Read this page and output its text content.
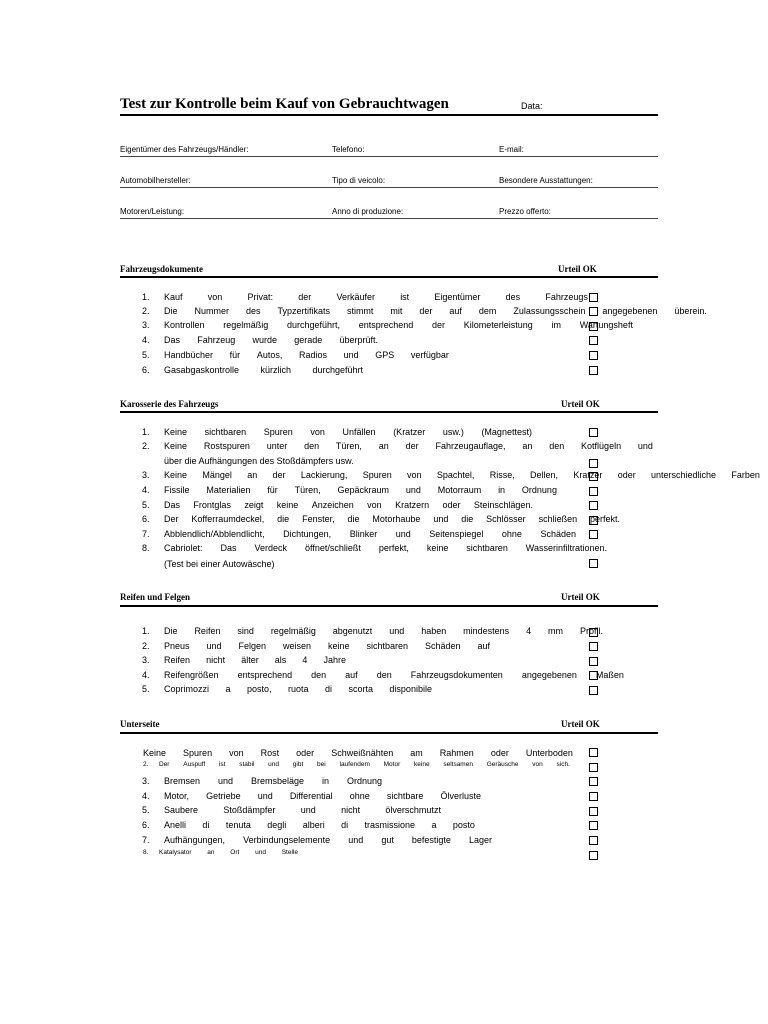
Test zur Kontrolle beim Kauf von Gebrauchtwagen	Data:
Eigentümer des Fahrzeugs/Händler:	Telefono:	E-mail:
Automobilhersteller:	Tipo di veicolo:	Besondere Ausstattungen:
Motoren/Leistung:	Anno di produzione:	Prezzo offerto:
Fahrzeugsdokumente	Urteil OK
1. Kauf	von	Privat:	der	Verkäufer	ist	Eigentümer	des	Fahrzeugs
2. Die Nummer des Typzertifikats stimmt mit der auf dem Zulassungsschein angegebenen überein.
3. Kontrollen regelmäßig durchgeführt, entsprechend der Kilometerleistung im Wartungsheft
4. Das Fahrzeug wurde gerade überprüft.
5. Handbücher für Autos, Radios und GPS verfügbar
6. Gasabgaskontrolle kürzlich durchgeführt
Karosserie des Fahrzeugs	Urteil OK
1. Keine sichtbaren Spuren von Unfällen (Kratzer usw.) (Magnettest)
2. Keine Rostspuren unter den Türen, an der Fahrzeugauflage, an den Kotflügeln und
über die Aufhängungen des Stoßdämpfers usw.
3. Keine Mängel an der Lackierung, Spuren von Spachtel, Risse, Dellen, Kratzer oder unterschiedliche Farben
4. Fissile Materialien für Türen, Gepäckraum und Motorraum in Ordnung
5. Das Frontglas zeigt keine Anzeichen von Kratzern oder Steinschlägen.
6. Der Kofferraumdeckel, die Fenster, die Motorhaube und die Schlösser schließen perfekt.
7. Abblendlich/Abblendlicht, Dichtungen, Blinker und Seitenspiegel ohne Schäden
8. Cabriolet: Das Verdeck öffnet/schließt perfekt, keine sichtbaren Wasserinfiltrationen.
(Test bei einer Autowäsche)
Reifen und Felgen	Urteil OK
1. Die Reifen sind regelmäßig abgenutzt und haben mindestens 4 mm Profil.
2. Pneus und Felgen weisen keine sichtbaren Schäden auf
3. Reifen nicht älter als 4 Jahre
4. Reifengrößen entsprechend den auf den Fahrzeugsdokumenten angegebenen Maßen
5. Coprimozzi a posto, ruota di scorta disponibile
Unterseite	Urteil OK
Keine Spuren von Rost oder Schweißnähten am Rahmen oder Unterboden
2. Der Auspuff ist stabil und gibt bei laufendem Motor keine seltsamen Geräusche von sich.
3. Bremsen und Bremsbeläge in Ordnung
4. Motor, Getriebe und Differential ohne sichtbare Ölverluste
5. Saubere	Stoßdämpfer	und	nicht	ölverschmutzt
6. Anelli di tenuta degli alberi di trasmissione a posto
7. Aufhängungen, Verbindungselemente und gut befestigte Lager
8. Katalysator an Ort und Stelle
